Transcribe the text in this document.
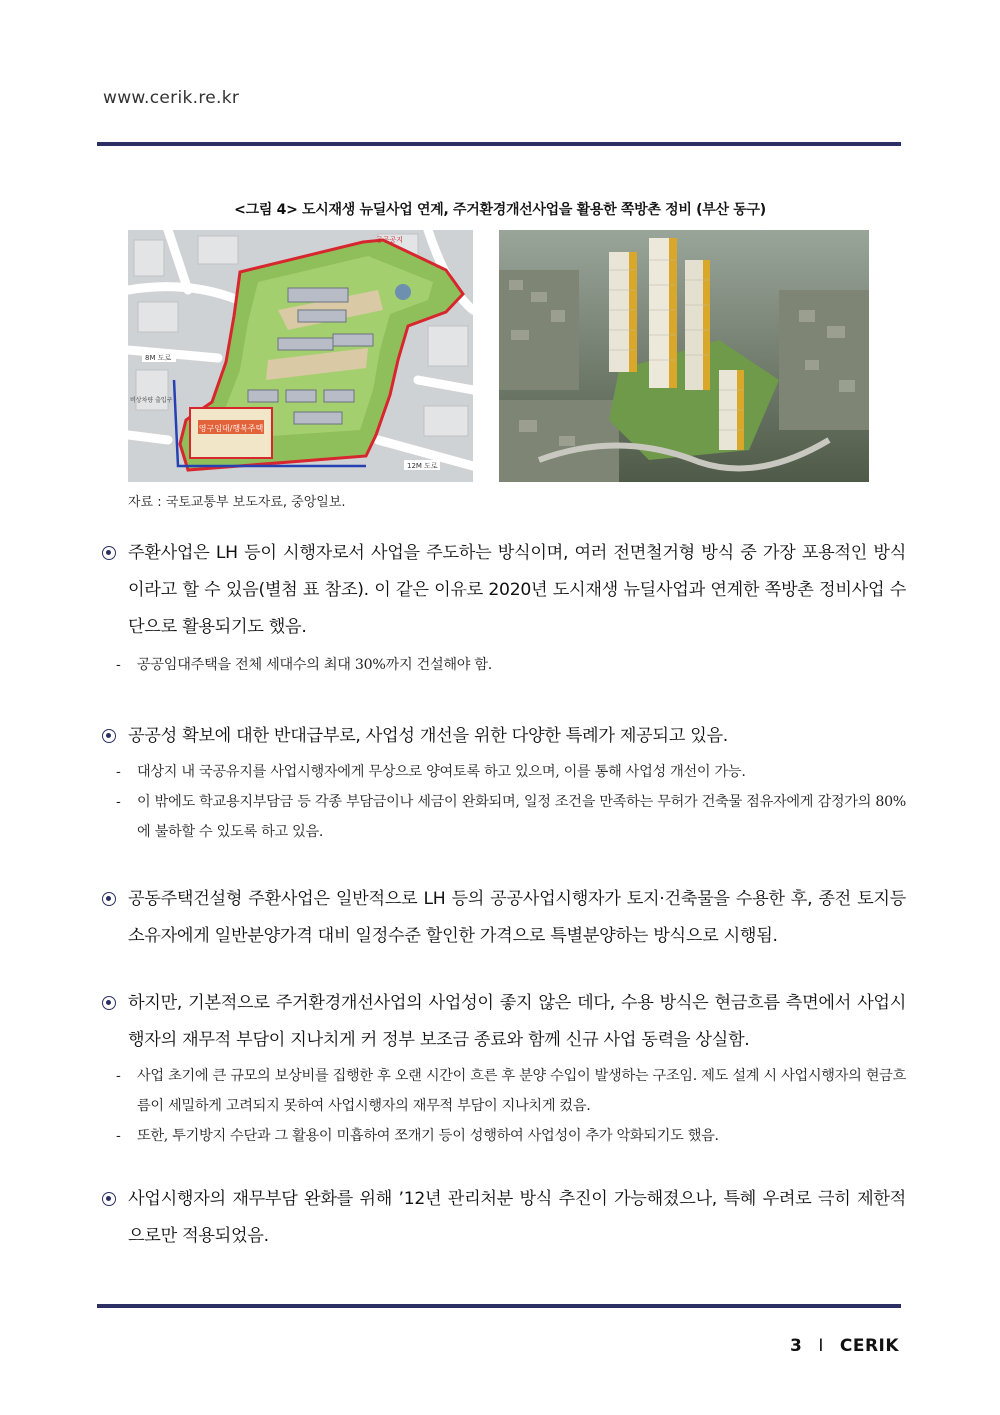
www.cerik.re.kr
<그림 4> 도시재생 뉴딜사업 연계, 주거환경개선사업을 활용한 쪽방촌 정비 (부산 동구)
영구임대/행복주택
공공공지
8M 도로
비상차량 출입구
12M 도로
자료 : 국토교통부 보도자료, 중앙일보.
주환사업은 LH 등이 시행자로서 사업을 주도하는 방식이며, 여러 전면철거형 방식 중 가장 포용적인 방식이라고 할 수 있음(별첨 표 참조). 이 같은 이유로 2020년 도시재생 뉴딜사업과 연계한 쪽방촌 정비사업 수단으로 활용되기도 했음.
- 공공임대주택을 전체 세대수의 최대 30%까지 건설해야 함.
공공성 확보에 대한 반대급부로, 사업성 개선을 위한 다양한 특례가 제공되고 있음.
- 대상지 내 국공유지를 사업시행자에게 무상으로 양여토록 하고 있으며, 이를 통해 사업성 개선이 가능.
- 이 밖에도 학교용지부담금 등 각종 부담금이나 세금이 완화되며, 일정 조건을 만족하는 무허가 건축물 점유자에게 감정가의 80%에 불하할 수 있도록 하고 있음.
공동주택건설형 주환사업은 일반적으로 LH 등의 공공사업시행자가 토지·건축물을 수용한 후, 종전 토지등소유자에게 일반분양가격 대비 일정수준 할인한 가격으로 특별분양하는 방식으로 시행됨.
하지만, 기본적으로 주거환경개선사업의 사업성이 좋지 않은 데다, 수용 방식은 현금흐름 측면에서 사업시행자의 재무적 부담이 지나치게 커 정부 보조금 종료와 함께 신규 사업 동력을 상실함.
- 사업 초기에 큰 규모의 보상비를 집행한 후 오랜 시간이 흐른 후 분양 수입이 발생하는 구조임. 제도 설계 시 사업시행자의 현금흐름이 세밀하게 고려되지 못하여 사업시행자의 재무적 부담이 지나치게 컸음.
- 또한, 투기방지 수단과 그 활용이 미흡하여 쪼개기 등이 성행하여 사업성이 추가 악화되기도 했음.
사업시행자의 재무부담 완화를 위해 ’12년 관리처분 방식 추진이 가능해졌으나, 특혜 우려로 극히 제한적으로만 적용되었음.
3 I CERIK
